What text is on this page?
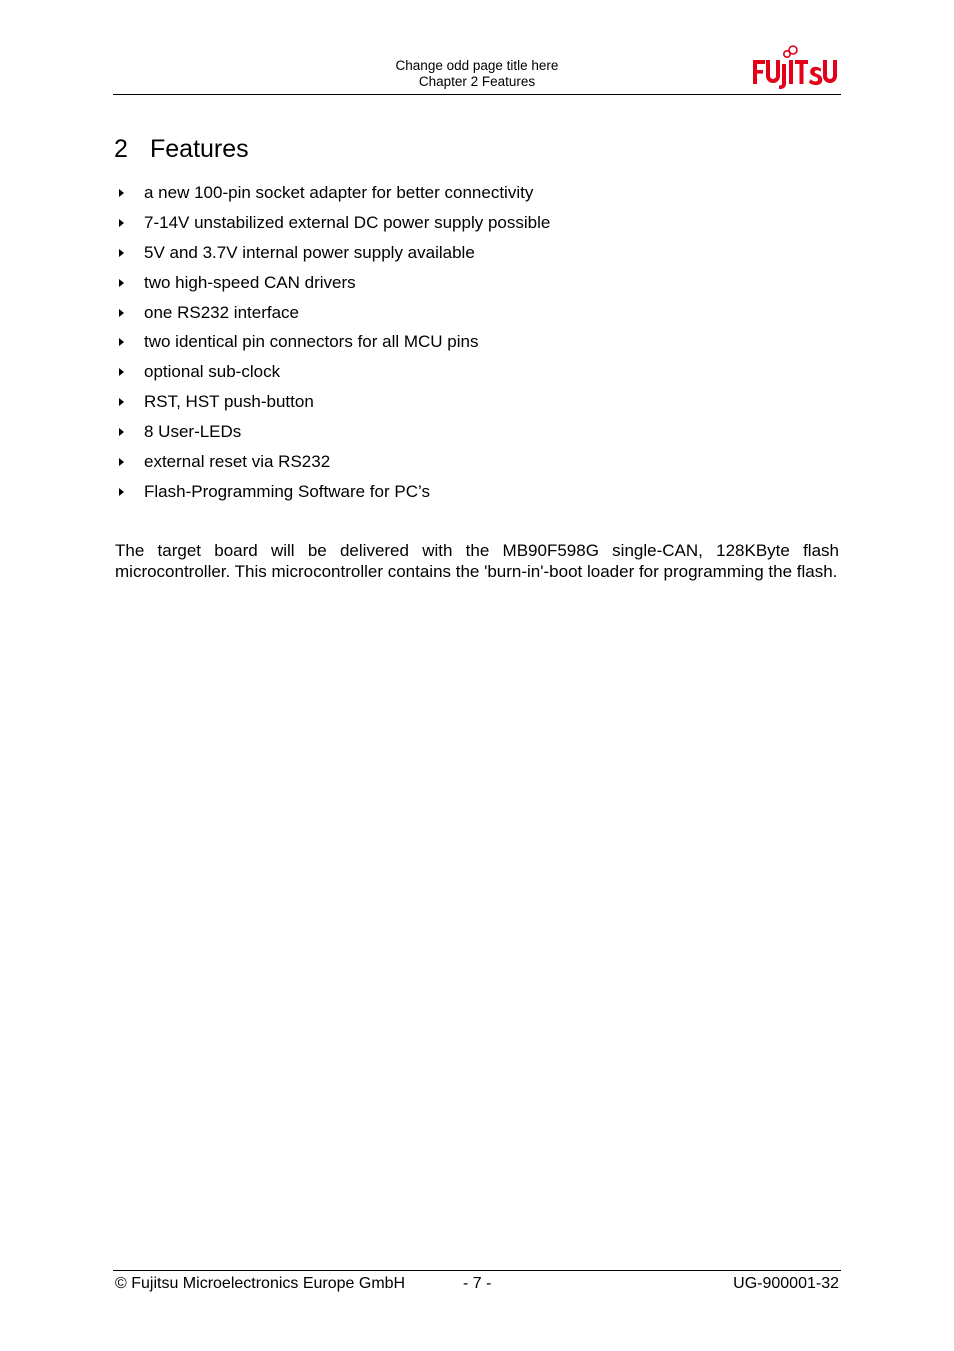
Change odd page title here
Chapter 2 Features
2 Features
a new 100-pin socket adapter for better connectivity
7-14V unstabilized external DC power supply possible
5V and 3.7V internal power supply available
two high-speed CAN drivers
one RS232 interface
two identical pin connectors for all MCU pins
optional sub-clock
RST, HST push-button
8 User-LEDs
external reset via RS232
Flash-Programming Software for PC’s

The target board will be delivered with the MB90F598G single-CAN, 128KByte flash microcontroller. This microcontroller contains the 'burn-in'-boot loader for programming the flash.

© Fujitsu Microelectronics Europe GmbH	- 7 -	UG-900001-32
